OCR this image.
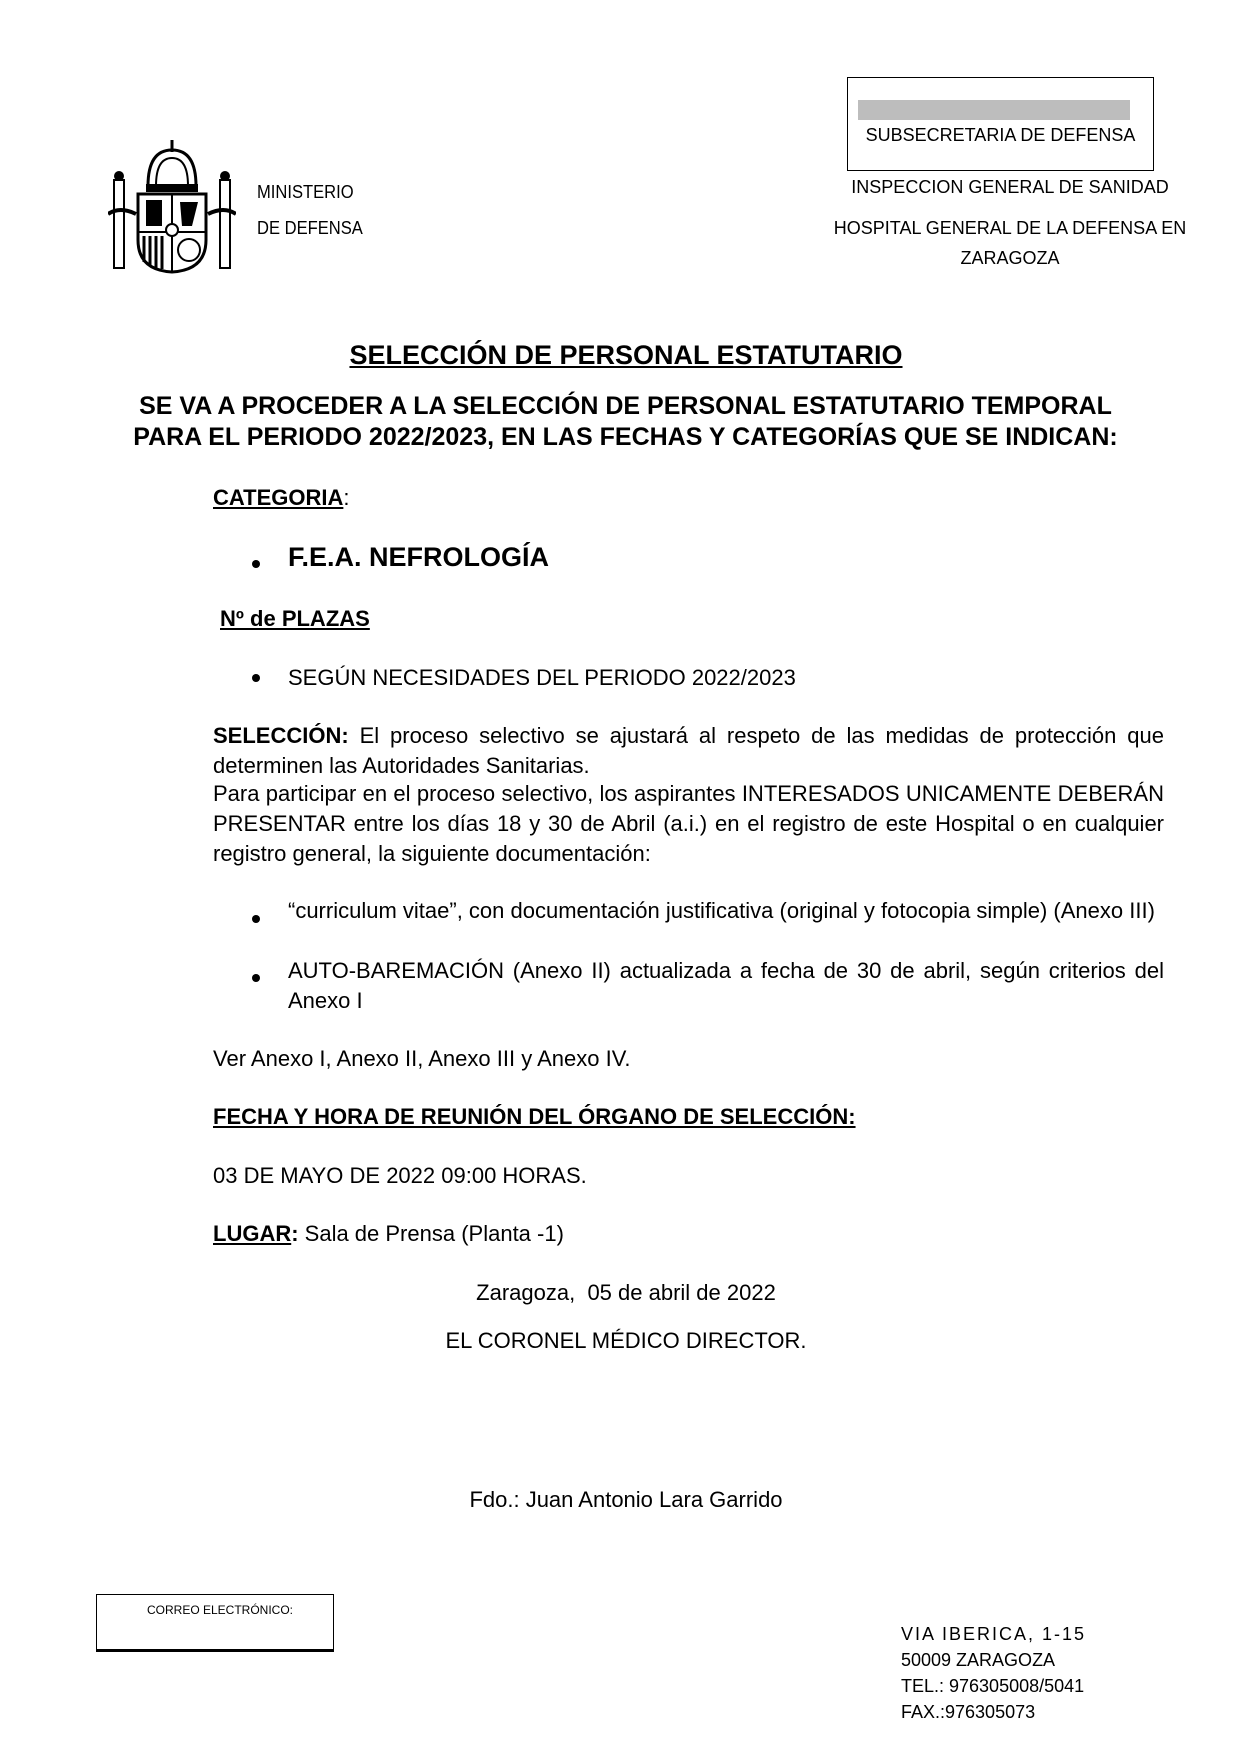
MINISTERIO
DE DEFENSA
SUBSECRETARIA DE DEFENSA
INSPECCION GENERAL DE SANIDAD
HOSPITAL GENERAL DE LA DEFENSA EN
ZARAGOZA
SELECCIÓN DE PERSONAL ESTATUTARIO
SE VA A PROCEDER A LA SELECCIÓN DE PERSONAL ESTATUTARIO TEMPORAL
PARA EL PERIODO 2022/2023, EN LAS FECHAS Y CATEGORÍAS QUE SE INDICAN:
CATEGORIA:
F.E.A. NEFROLOGÍA
Nº de PLAZAS
SEGÚN NECESIDADES DEL PERIODO 2022/2023
SELECCIÓN: El proceso selectivo se ajustará al respeto de las medidas de protección que determinen las Autoridades Sanitarias.
Para participar en el proceso selectivo, los aspirantes INTERESADOS UNICAMENTE DEBERÁN PRESENTAR entre los días 18 y 30 de Abril (a.i.) en el registro de este Hospital o en cualquier registro general, la siguiente documentación:
“curriculum vitae”, con documentación justificativa (original y fotocopia simple) (Anexo III)
AUTO-BAREMACIÓN (Anexo II) actualizada a fecha de 30 de abril, según criterios del Anexo I
Ver Anexo I, Anexo II, Anexo III y Anexo IV.
FECHA Y HORA DE REUNIÓN DEL ÓRGANO DE SELECCIÓN:
03 DE MAYO DE 2022 09:00 HORAS.
LUGAR: Sala de Prensa (Planta -1)
Zaragoza,  05 de abril de 2022
EL CORONEL MÉDICO DIRECTOR.
Fdo.: Juan Antonio Lara Garrido
CORREO ELECTRÓNICO:
VIA IBERICA, 1-15
50009 ZARAGOZA
TEL.: 976305008/5041
FAX.:976305073
